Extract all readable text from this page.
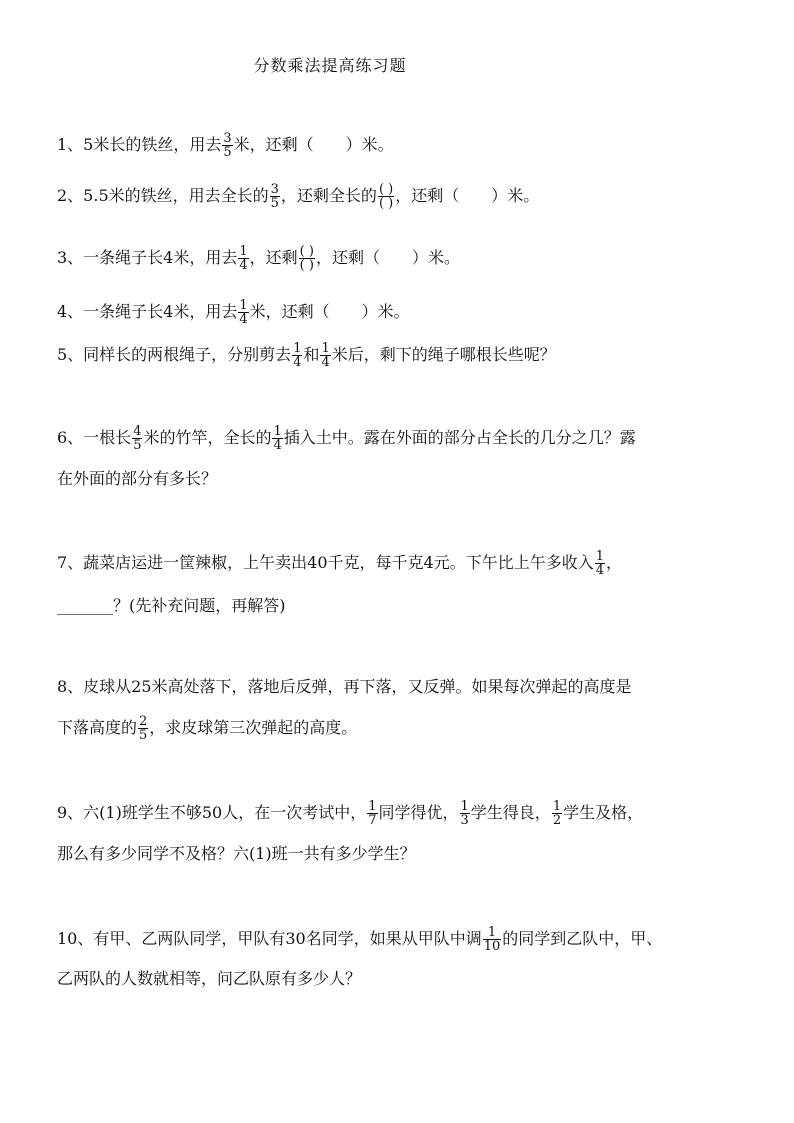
分数乘法提高练习题
1、5米长的铁丝，用去 $\frac{3}{5}$ 米，还剩（　　）米。
2、5.5米的铁丝，用去全长的 $\frac{3}{5}$ ，还剩全长的 $\frac{( )}{( )}$ ，还剩（　　）米。
3、一条绳子长4米，用去 $\frac{1}{4}$ ，还剩 $\frac{( )}{( )}$ ，还剩（　　）米。
4、一条绳子长4米，用去 $\frac{1}{4}$ 米，还剩（　　）米。
5、同样长的两根绳子，分别剪去 $\frac{1}{4}$ 和 $\frac{1}{4}$ 米后，剩下的绳子哪根长些呢？
6、一根长 $\frac{4}{5}$ 米的竹竿，全长的 $\frac{1}{4}$ 插入土中。露在外面的部分占全长的几分之几？露
在外面的部分有多长？
7、蔬菜店运进一筐辣椒，上午卖出40千克，每千克4元。下午比上午多收入 $\frac{1}{4}$ ，
_______？(先补充问题，再解答)
8、皮球从25米高处落下，落地后反弹，再下落，又反弹。如果每次弹起的高度是
下落高度的 $\frac{2}{5}$ ，求皮球第三次弹起的高度。
9、六(1)班学生不够50人，在一次考试中， $\frac{1}{7}$ 同学得优， $\frac{1}{3}$ 学生得良， $\frac{1}{2}$ 学生及格，
那么有多少同学不及格？六(1)班一共有多少学生？
10、有甲、乙两队同学，甲队有30名同学，如果从甲队中调 $\frac{1}{10}$ 的同学到乙队中，甲、
乙两队的人数就相等，问乙队原有多少人？
